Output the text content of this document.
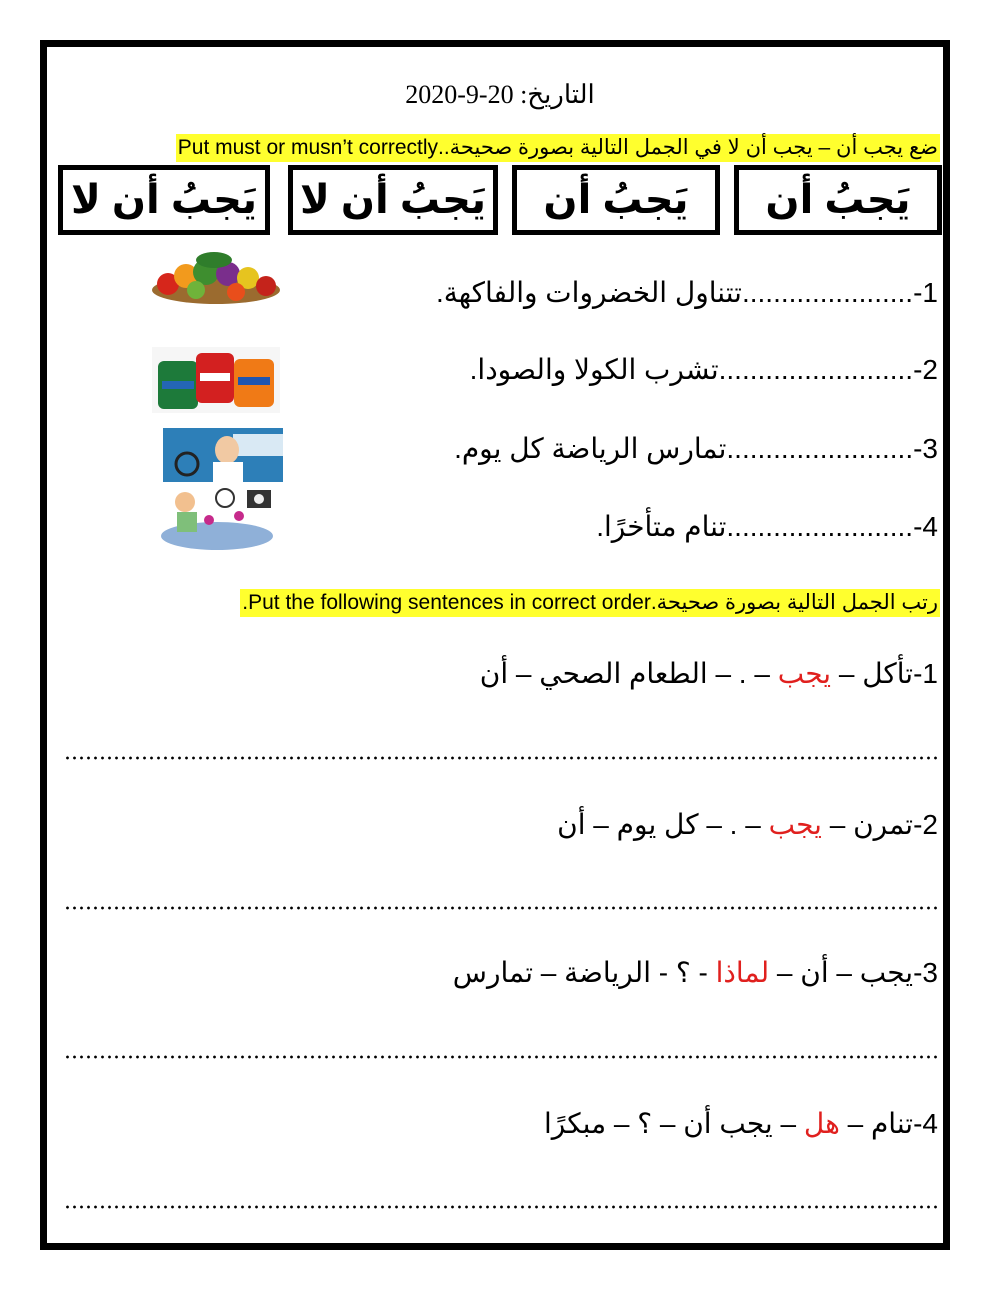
التاريخ: 20-9-2020
ضع يجب أن – يجب أن لا في الجمل التالية بصورة صحيحة..Put must or musn’t correctly
يَجبُ أن
يَجبُ أن
يَجبُ أن لا
يَجبُ أن لا
1-......................تتناول الخضروات والفاكهة.
2-.........................تشرب الكولا والصودا.
3-........................تمارس الرياضة كل يوم.
4-........................تنام متأخرًا.
رتب الجمل التالية بصورة صحيحة.Put the following sentences in correct order.
1-تأكل – يجب – . – الطعام الصحي – أن
2-تمرن – يجب – . – كل يوم – أن
3-يجب – أن – لماذا - ؟ - الرياضة – تمارس
4-تنام – هل – يجب أن – ؟ – مبكرًا
